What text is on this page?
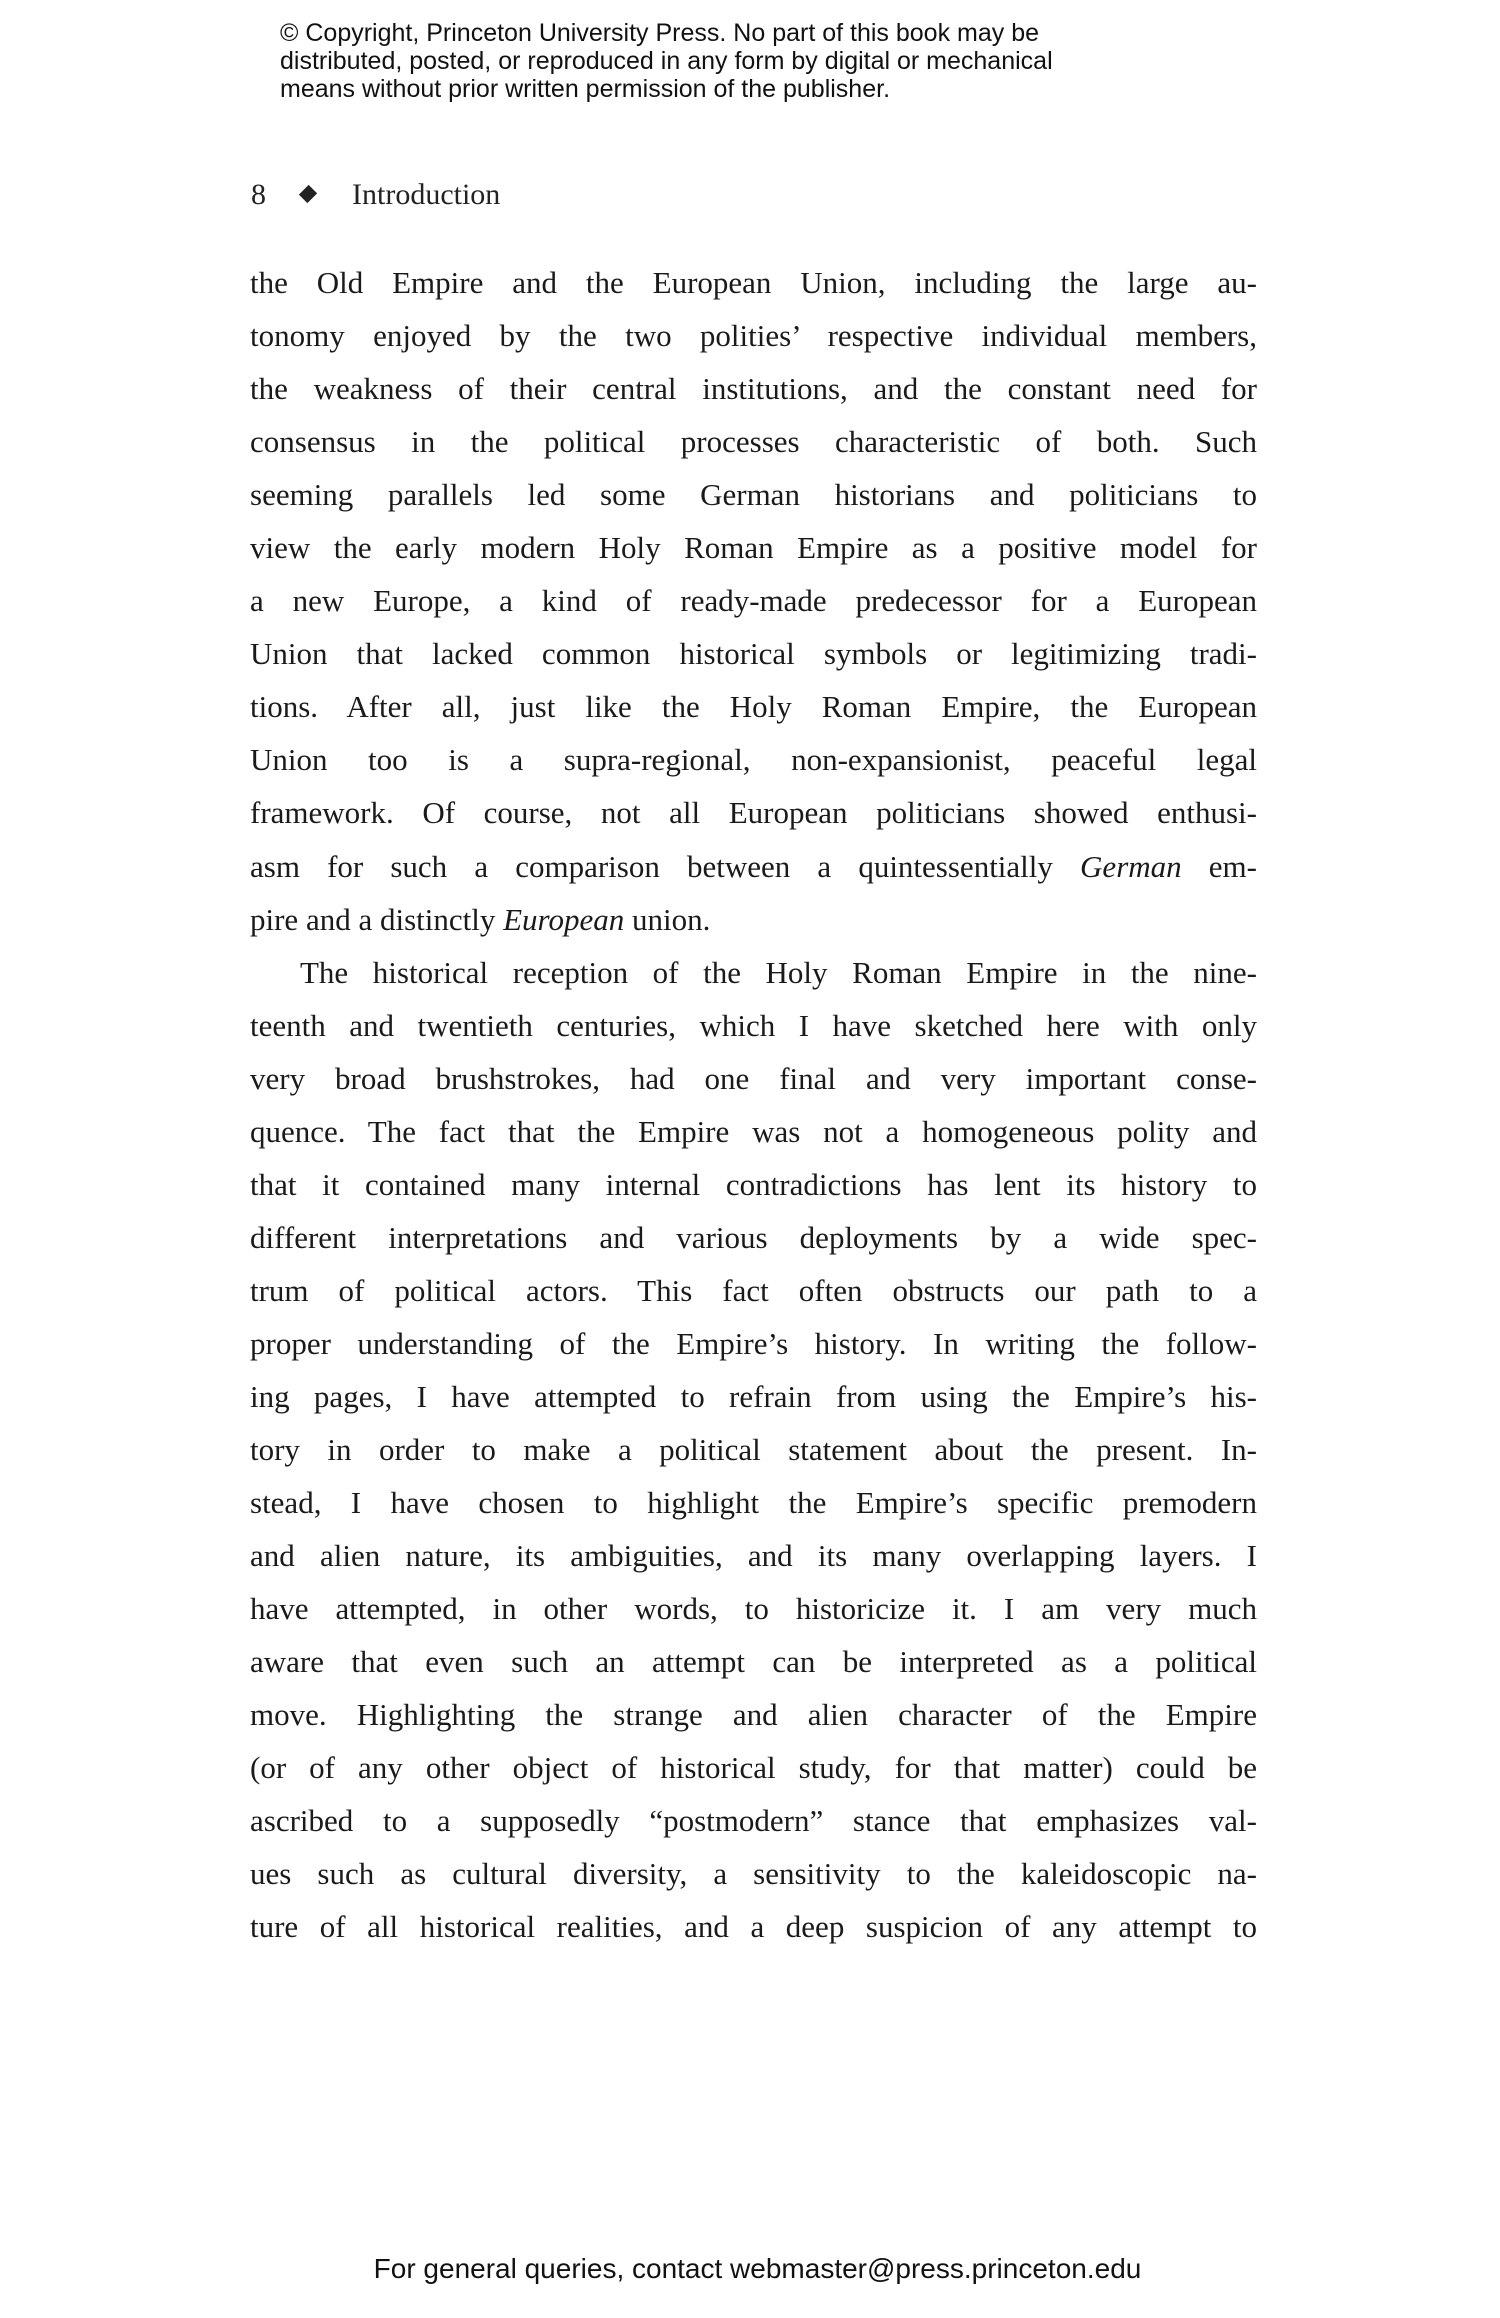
© Copyright, Princeton University Press. No part of this book may be
distributed, posted, or reproduced in any form by digital or mechanical
means without prior written permission of the publisher.
8	Introduction
the Old Empire and the European Union, including the large au-
tonomy enjoyed by the two polities’ respective individual members,
the weakness of their central institutions, and the constant need for
consensus in the political processes characteristic of both. Such
seeming parallels led some German historians and politicians to
view the early modern Holy Roman Empire as a positive model for
a new Europe, a kind of ready-made predecessor for a European
Union that lacked common historical symbols or legitimizing tradi-
tions. After all, just like the Holy Roman Empire, the European
Union too is a supra-regional, non-expansionist, peaceful legal
framework. Of course, not all European politicians showed enthusi-
asm for such a comparison between a quintessentially German em-
pire and a distinctly European union.
The historical reception of the Holy Roman Empire in the nine-
teenth and twentieth centuries, which I have sketched here with only
very broad brushstrokes, had one final and very important conse-
quence. The fact that the Empire was not a homogeneous polity and
that it contained many internal contradictions has lent its history to
different interpretations and various deployments by a wide spec-
trum of political actors. This fact often obstructs our path to a
proper understanding of the Empire’s history. In writing the follow-
ing pages, I have attempted to refrain from using the Empire’s his-
tory in order to make a political statement about the present. In-
stead, I have chosen to highlight the Empire’s specific premodern
and alien nature, its ambiguities, and its many overlapping layers. I
have attempted, in other words, to historicize it. I am very much
aware that even such an attempt can be interpreted as a political
move. Highlighting the strange and alien character of the Empire
(or of any other object of historical study, for that matter) could be
ascribed to a supposedly “postmodern” stance that emphasizes val-
ues such as cultural diversity, a sensitivity to the kaleidoscopic na-
ture of all historical realities, and a deep suspicion of any attempt to
For general queries, contact webmaster@press.princeton.edu
